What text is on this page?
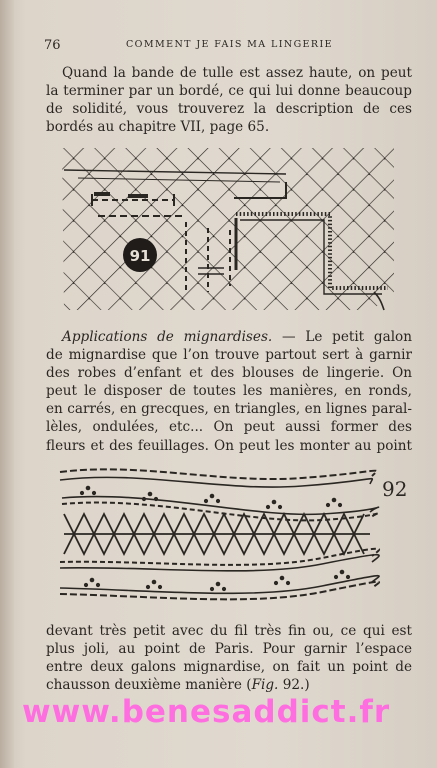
76	COMMENT JE FAIS MA LINGERIE
Quand la bande de tulle est assez haute, on peut
la terminer par un bordé, ce qui lui donne beaucoup
de solidité, vous trouverez la description de ces
bordés au chapitre VII, page 65.
91
Applications de mignardises. — Le petit galon
de mignardise que l’on trouve partout sert à garnir
des robes d’enfant et des blouses de lingerie. On
peut le disposer de toutes les manières, en ronds,
en carrés, en grecques, en triangles, en lignes paral-
lèles, ondulées, etc... On peut aussi former des
fleurs et des feuillages. On peut les monter au point
92
devant très petit avec du fil très fin ou, ce qui est
plus joli, au point de Paris. Pour garnir l’espace
entre deux galons mignardise, on fait un point de
chausson deuxième manière (Fig. 92.)
www.benesaddict.fr
